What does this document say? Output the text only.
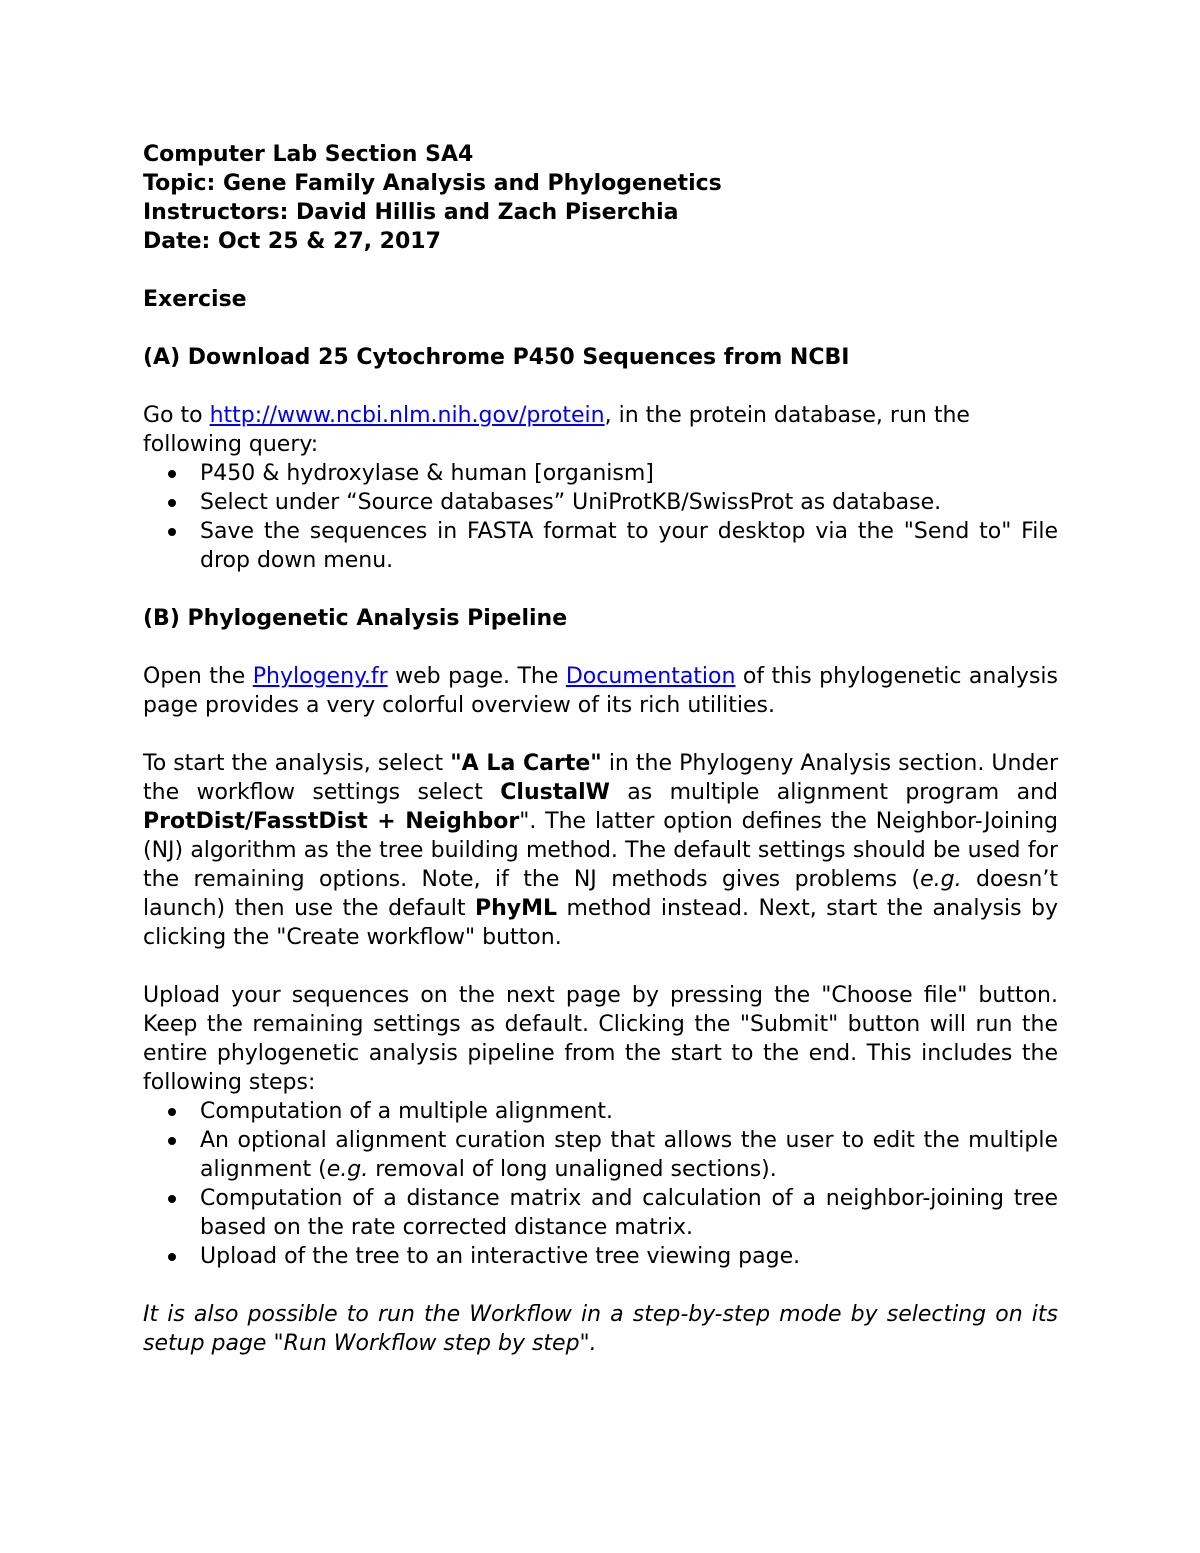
Computer Lab Section SA4
Topic: Gene Family Analysis and Phylogenetics
Instructors: David Hillis and Zach Piserchia
Date: Oct 25 & 27, 2017
Exercise
(A) Download 25 Cytochrome P450 Sequences from NCBI

Go to http://www.ncbi.nlm.nih.gov/protein, in the protein database, run the following query:

P450 & hydroxylase & human [organism]
Select under “Source databases” UniProtKB/SwissProt as database.
Save the sequences in FASTA format to your desktop via the "Send to" File drop down menu.
(B) Phylogenetic Analysis Pipeline

Open the Phylogeny.fr web page. The Documentation of this phylogenetic analysis page provides a very colorful overview of its rich utilities.

To start the analysis, select "A La Carte" in the Phylogeny Analysis section. Under the workflow settings select ClustalW as multiple alignment program and ProtDist/FasstDist + Neighbor". The latter option defines the Neighbor-Joining (NJ) algorithm as the tree building method. The default settings should be used for the remaining options. Note, if the NJ methods gives problems (e.g. doesn’t launch) then use the default PhyML method instead. Next, start the analysis by clicking the "Create workflow" button.

Upload your sequences on the next page by pressing the "Choose file" button. Keep the remaining settings as default. Clicking the "Submit" button will run the entire phylogenetic analysis pipeline from the start to the end. This includes the following steps:

Computation of a multiple alignment.
An optional alignment curation step that allows the user to edit the multiple alignment (e.g. removal of long unaligned sections).
Computation of a distance matrix and calculation of a neighbor-joining tree based on the rate corrected distance matrix.
Upload of the tree to an interactive tree viewing page.

It is also possible to run the Workflow in a step-by-step mode by selecting on its setup page "Run Workflow step by step".
